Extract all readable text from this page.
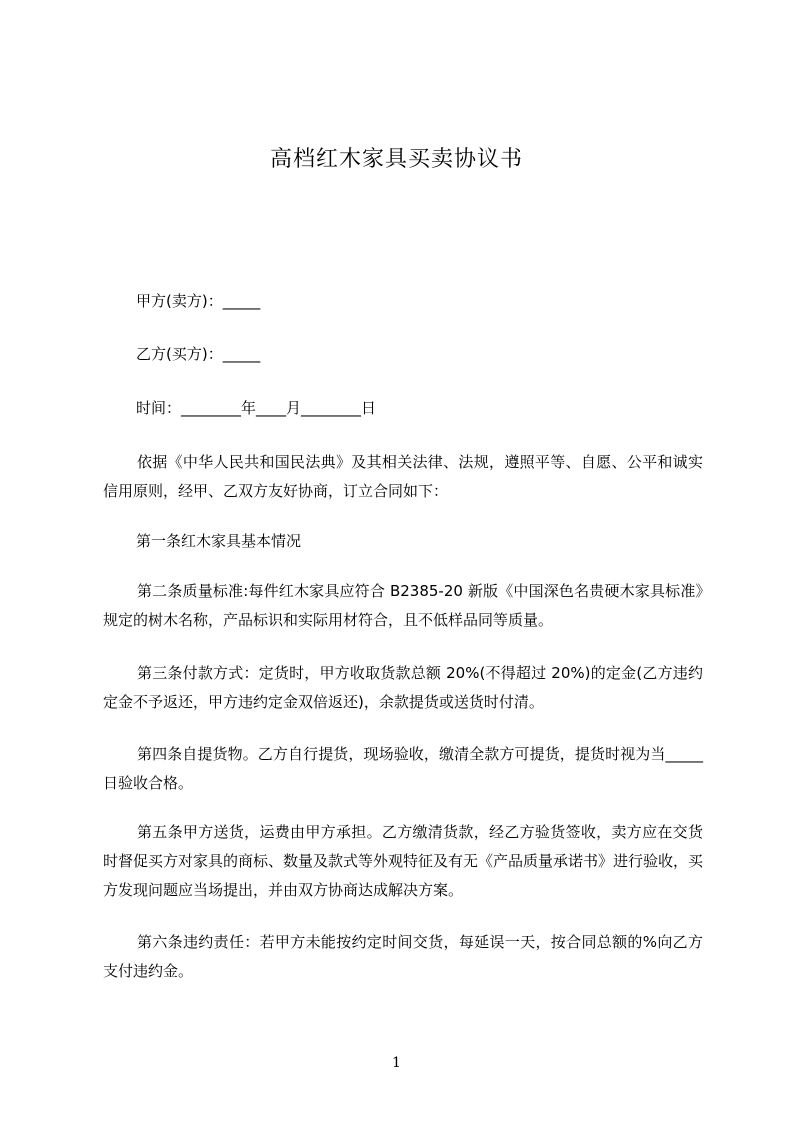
高档红木家具买卖协议书
甲方(卖方)：_____
乙方(买方)：_____
时间：________年____月________日
依据《中华人民共和国民法典》及其相关法律、法规，遵照平等、自愿、公平和诚实信用原则，经甲、乙双方友好协商，订立合同如下：
第一条红木家具基本情况
第二条质量标准:每件红木家具应符合 B2385-20 新版《中国深色名贵硬木家具标准》规定的树木名称，产品标识和实际用材符合，且不低样品同等质量。
第三条付款方式：定货时，甲方收取货款总额 20%(不得超过 20%)的定金(乙方违约定金不予返还，甲方违约定金双倍返还)，余款提货或送货时付清。
第四条自提货物。乙方自行提货，现场验收，缴清全款方可提货，提货时视为当_____日验收合格。
第五条甲方送货，运费由甲方承担。乙方缴清货款，经乙方验货签收，卖方应在交货时督促买方对家具的商标、数量及款式等外观特征及有无《产品质量承诺书》进行验收，买方发现问题应当场提出，并由双方协商达成解决方案。
第六条违约责任：若甲方未能按约定时间交货，每延误一天，按合同总额的%向乙方支付违约金。
1
